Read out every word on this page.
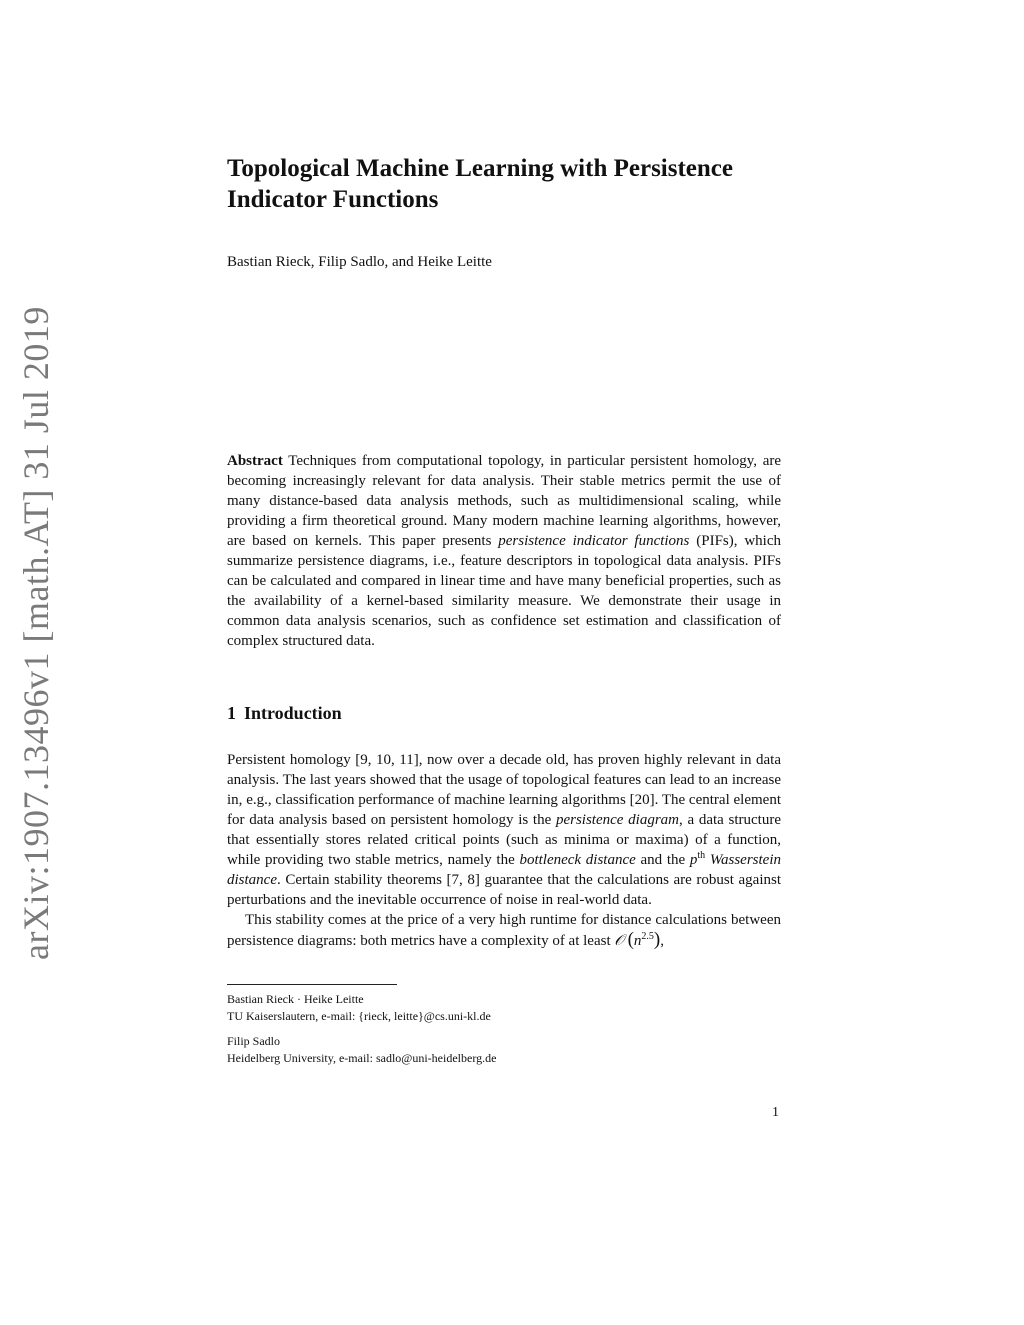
arXiv:1907.13496v1 [math.AT] 31 Jul 2019
Topological Machine Learning with Persistence Indicator Functions
Bastian Rieck, Filip Sadlo, and Heike Leitte
Abstract Techniques from computational topology, in particular persistent homology, are becoming increasingly relevant for data analysis. Their stable metrics permit the use of many distance-based data analysis methods, such as multidimensional scaling, while providing a firm theoretical ground. Many modern machine learning algorithms, however, are based on kernels. This paper presents persistence indicator functions (PIFs), which summarize persistence diagrams, i.e., feature descriptors in topological data analysis. PIFs can be calculated and compared in linear time and have many beneficial properties, such as the availability of a kernel-based similarity measure. We demonstrate their usage in common data analysis scenarios, such as confidence set estimation and classification of complex structured data.
1 Introduction

Persistent homology [9, 10, 11], now over a decade old, has proven highly relevant in data analysis. The last years showed that the usage of topological features can lead to an increase in, e.g., classification performance of machine learning algorithms [20]. The central element for data analysis based on persistent homology is the persistence diagram, a data structure that essentially stores related critical points (such as minima or maxima) of a function, while providing two stable metrics, namely the bottleneck distance and the $p^{th}$ Wasserstein distance. Certain stability theorems [7, 8] guarantee that the calculations are robust against perturbations and the inevitable occurrence of noise in real-world data.

This stability comes at the price of a very high runtime for distance calculations between persistence diagrams: both metrics have a complexity of at least 𝒪 $(n^{2.5})$,

Bastian Rieck · Heike Leitte
TU Kaiserslautern, e-mail: {rieck, leitte}@cs.uni-kl.de
Filip Sadlo
Heidelberg University, e-mail: sadlo@uni-heidelberg.de
1
